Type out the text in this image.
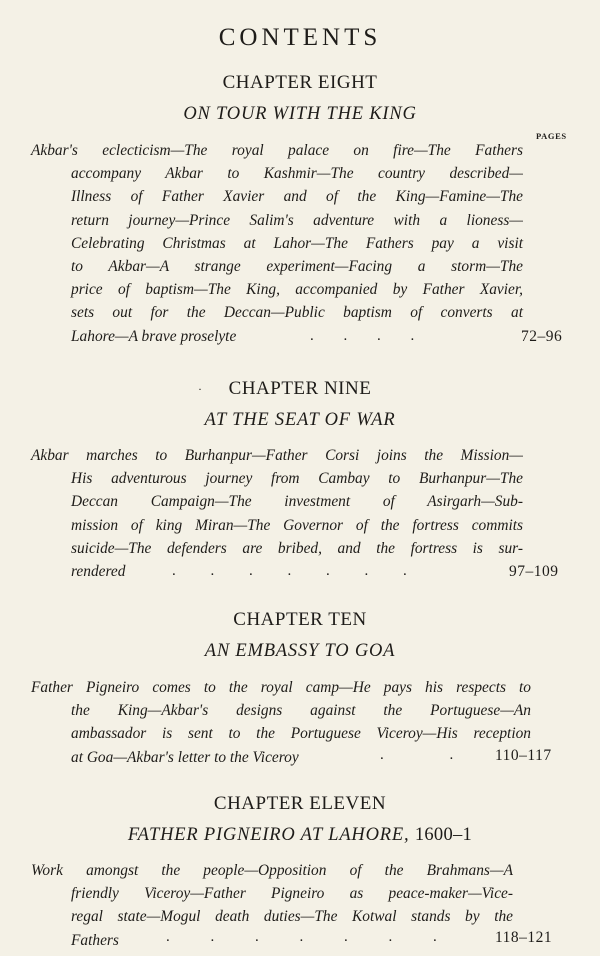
CONTENTS
CHAPTER EIGHT
ON TOUR WITH THE KING
PAGES
Akbar's eclecticism—The royal palace on fire—The Fathers
accompany Akbar to Kashmir—The country described—
Illness of Father Xavier and of the King—Famine—The
return journey—Prince Salim's adventure with a lioness—
Celebrating Christmas at Lahor—The Fathers pay a visit
to Akbar—A strange experiment—Facing a storm—The
price of baptism—The King, accompanied by Father Xavier,
sets out for the Deccan—Public baptism of converts at
Lahore—A brave proselyte	. . . .	72–96
·	CHAPTER NINE
AT THE SEAT OF WAR
Akbar marches to Burhanpur—Father Corsi joins the Mission—
His adventurous journey from Cambay to Burhanpur—The
Deccan Campaign—The investment of Asirgarh—Sub-
mission of king Miran—The Governor of the fortress commits
suicide—The defenders are bribed, and the fortress is sur-
rendered	. . . . . . .	97–109
CHAPTER TEN
AN EMBASSY TO GOA
Father Pigneiro comes to the royal camp—He pays his respects to
the King—Akbar's designs against the Portuguese—An
ambassador is sent to the Portuguese Viceroy—His reception
at Goa—Akbar's letter to the Viceroy	. .	110–117
CHAPTER ELEVEN
FATHER PIGNEIRO AT LAHORE, 1600–1
Work amongst the people—Opposition of the Brahmans—A
friendly Viceroy—Father Pigneiro as peace-maker—Vice-
regal state—Mogul death duties—The Kotwal stands by the
Fathers	. . . . . . .	118–121
